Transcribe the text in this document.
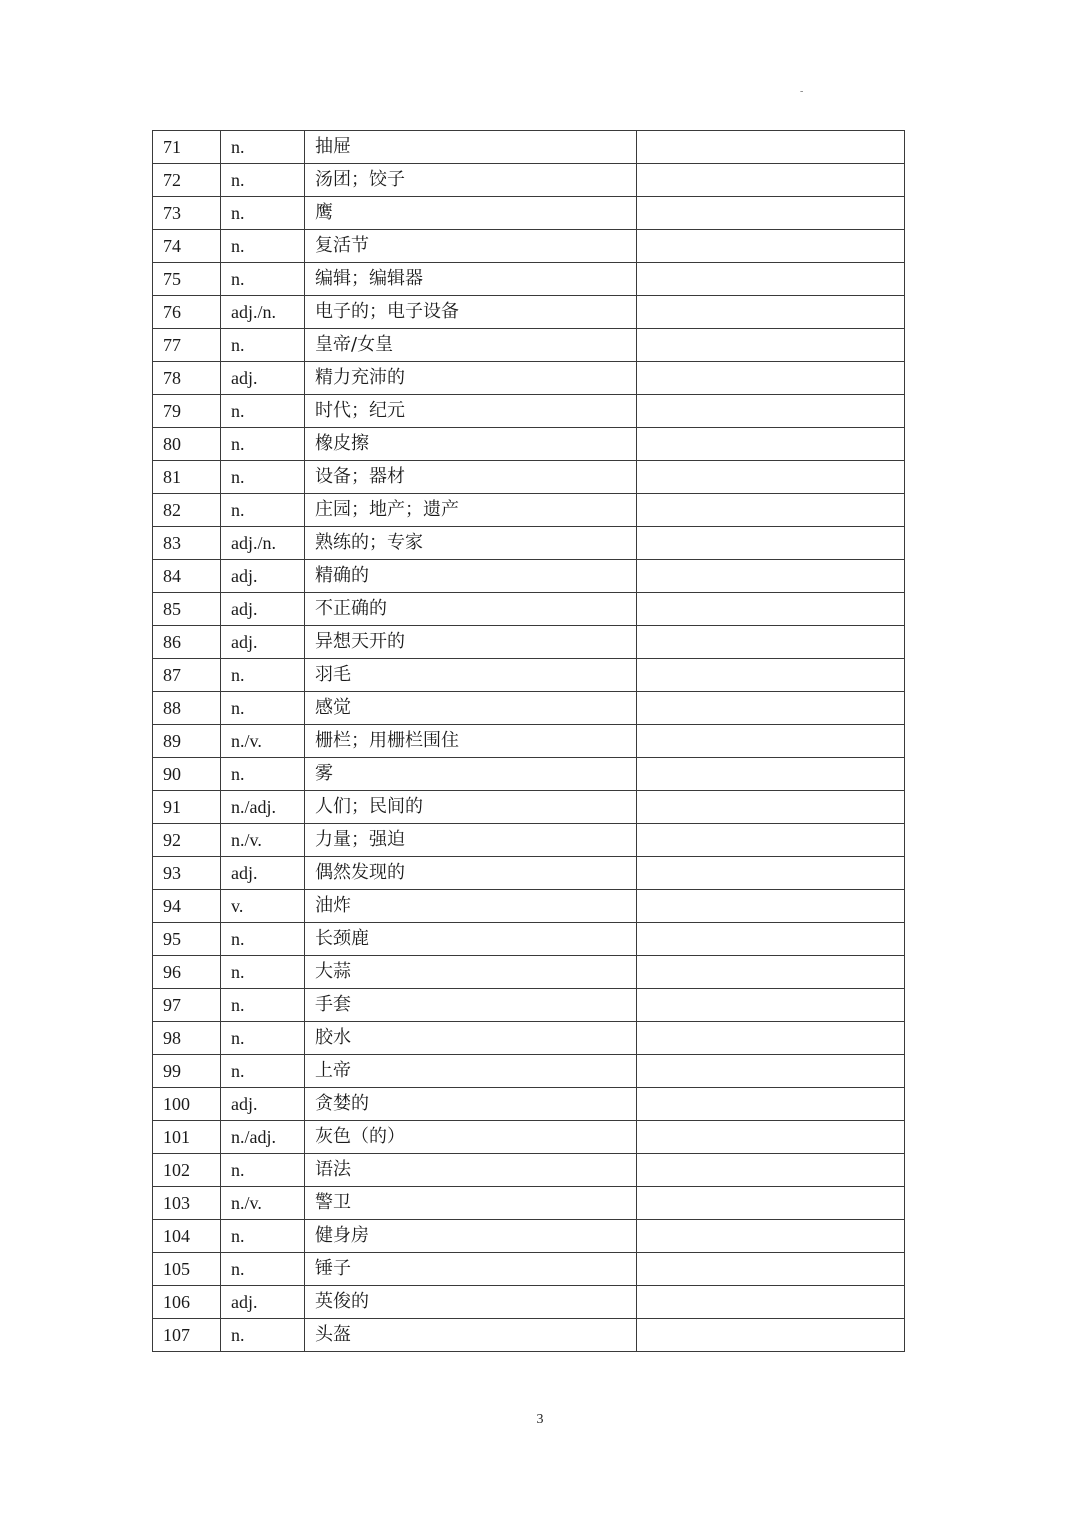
-
71	n.	抽屉	
72	n.	汤团；饺子	
73	n.	鹰	
74	n.	复活节	
75	n.	编辑；编辑器	
76	adj./n.	电子的；电子设备	
77	n.	皇帝/女皇	
78	adj.	精力充沛的	
79	n.	时代；纪元	
80	n.	橡皮擦	
81	n.	设备；器材	
82	n.	庄园；地产；遗产	
83	adj./n.	熟练的；专家	
84	adj.	精确的	
85	adj.	不正确的	
86	adj.	异想天开的	
87	n.	羽毛	
88	n.	感觉	
89	n./v.	栅栏；用栅栏围住	
90	n.	雾	
91	n./adj.	人们；民间的	
92	n./v.	力量；强迫	
93	adj.	偶然发现的	
94	v.	油炸	
95	n.	长颈鹿	
96	n.	大蒜	
97	n.	手套	
98	n.	胶水	
99	n.	上帝	
100	adj.	贪婪的	
101	n./adj.	灰色（的）	
102	n.	语法	
103	n./v.	警卫	
104	n.	健身房	
105	n.	锤子	
106	adj.	英俊的	
107	n.	头盔	
3
